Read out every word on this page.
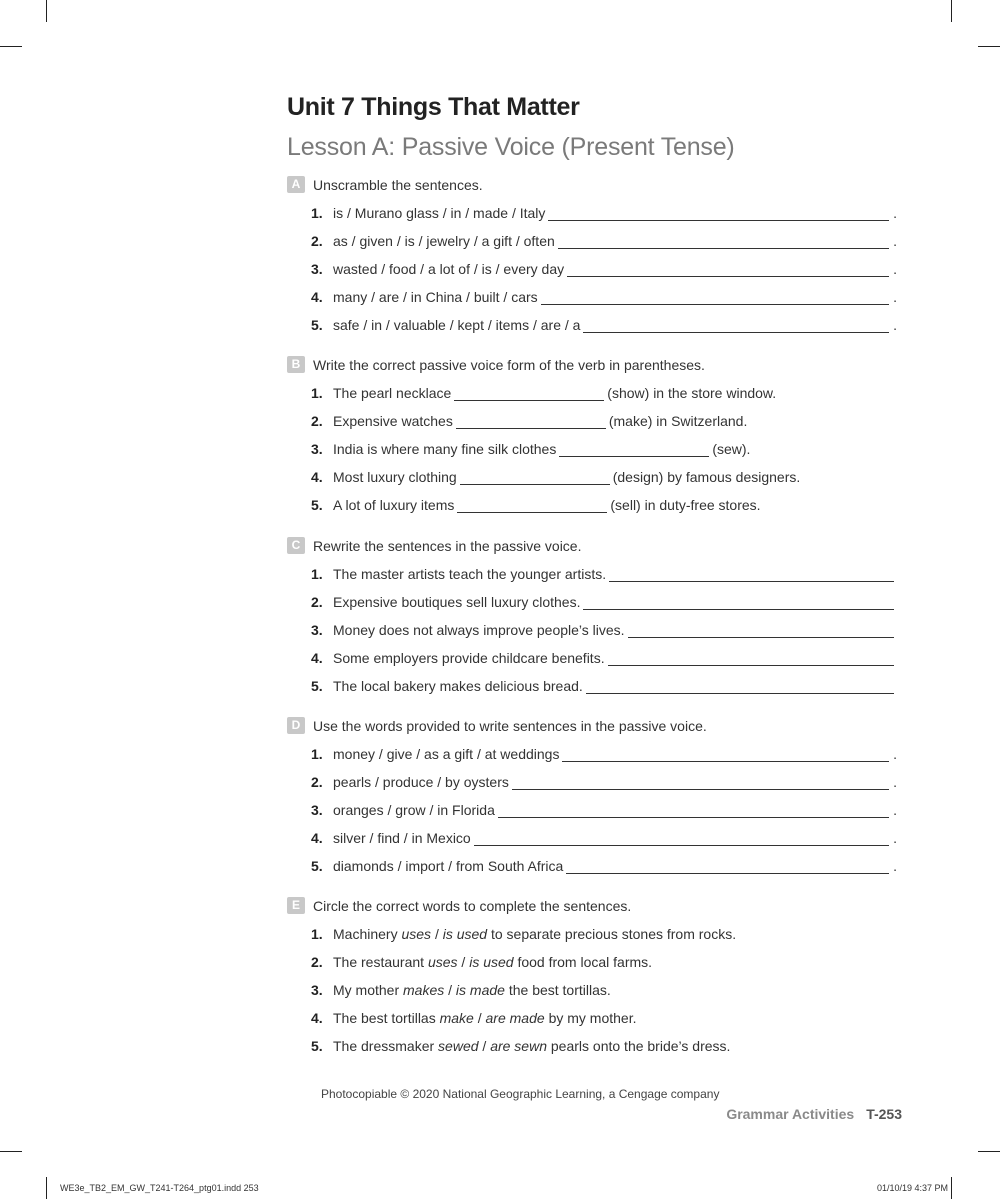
Unit 7 Things That Matter
Lesson A: Passive Voice (Present Tense)
A Unscramble the sentences.
1. is / Murano glass / in / made / Italy	.
2. as / given / is / jewelry / a gift / often	.
3. wasted / food / a lot of / is / every day	.
4. many / are / in China / built / cars	.
5. safe / in / valuable / kept / items / are / a	.
B Write the correct passive voice form of the verb in parentheses.
1. The pearl necklace	(show) in the store window.
2. Expensive watches	(make) in Switzerland.
3. India is where many fine silk clothes	(sew).
4. Most luxury clothing	(design) by famous designers.
5. A lot of luxury items	(sell) in duty-free stores.
C Rewrite the sentences in the passive voice.
1. The master artists teach the younger artists.
2. Expensive boutiques sell luxury clothes.
3. Money does not always improve people’s lives.
4. Some employers provide childcare benefits.
5. The local bakery makes delicious bread.
D Use the words provided to write sentences in the passive voice.
1. money / give / as a gift / at weddings	.
2. pearls / produce / by oysters	.
3. oranges / grow / in Florida	.
4. silver / find / in Mexico	.
5. diamonds / import / from South Africa	.
E Circle the correct words to complete the sentences.
1. Machinery
uses
/
is used
to separate precious stones from rocks.
2. The restaurant
uses
/
is used
food from local farms.
3. My mother
makes
/
is made
the best tortillas.
4. The best tortillas
make
/
are made
by my mother.
5. The dressmaker
sewed
/
are sewn
pearls onto the bride’s dress.
Photocopiable © 2020 National Geographic Learning, a Cengage company
Grammar Activities T-253
WE3e_TB2_EM_GW_T241-T264_ptg01.indd 253	01/10/19 4:37 PM
